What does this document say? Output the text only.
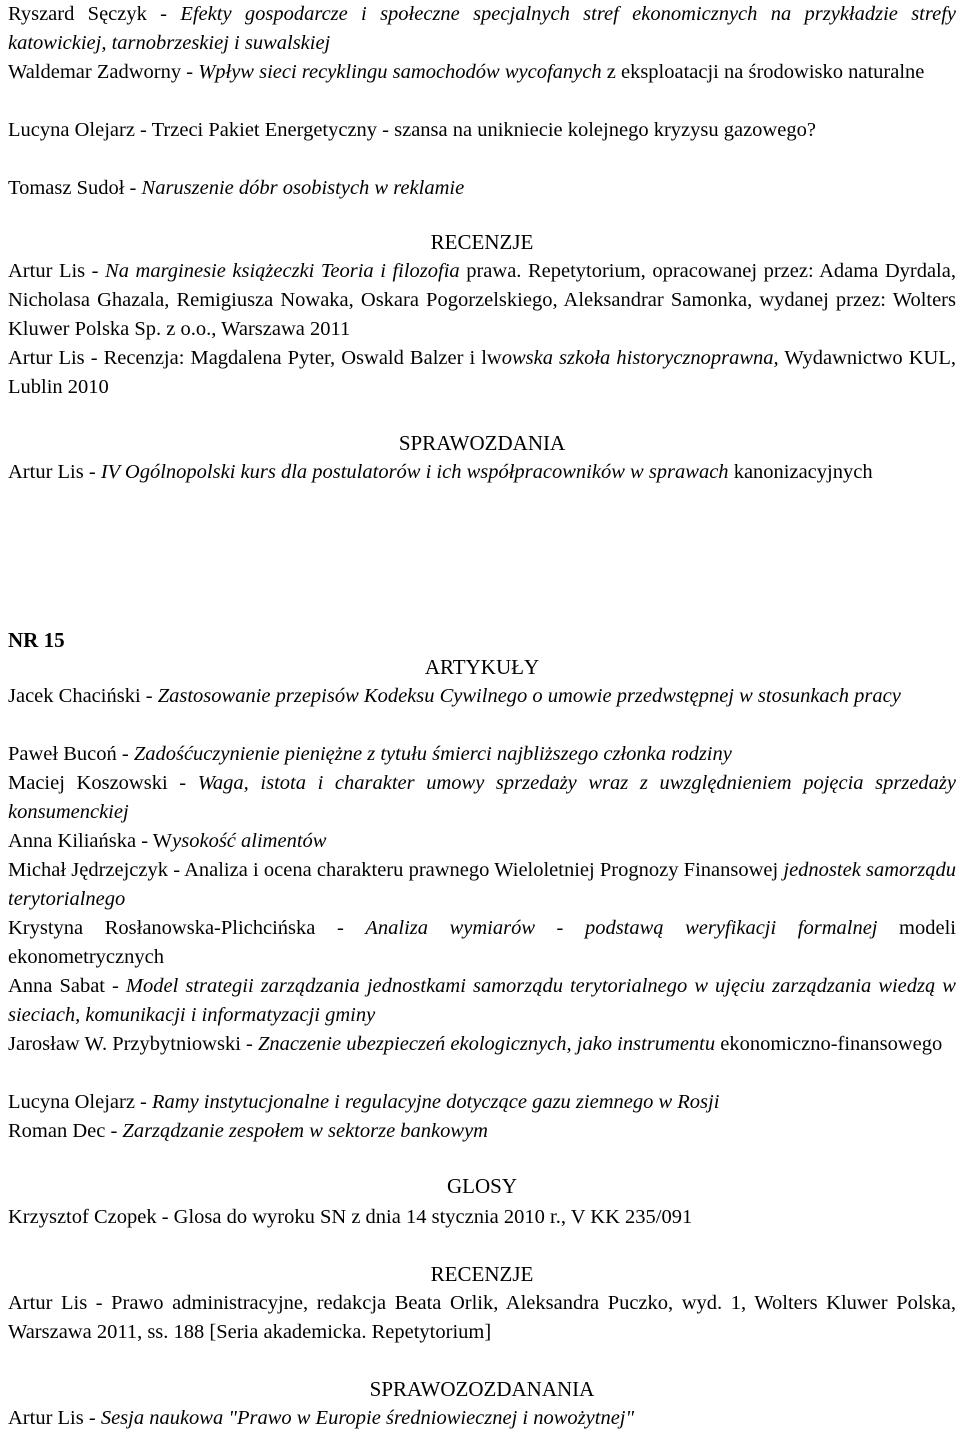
Ryszard Sęczyk - Efekty gospodarcze i społeczne specjalnych stref ekonomicznych na przykładzie strefy katowickiej, tarnobrzeskiej i suwalskiej
Waldemar Zadworny - Wpływ sieci recyklingu samochodów wycofanych z eksploatacji na środowisko naturalne
Lucyna Olejarz - Trzeci Pakiet Energetyczny - szansa na unikniecie kolejnego kryzysu gazowego?
Tomasz Sudoł - Naruszenie dóbr osobistych w reklamie
RECENZJE
Artur Lis - Na marginesie książeczki Teoria i filozofia prawa. Repetytorium, opracowanej przez: Adama Dyrdala, Nicholasa Ghazala, Remigiusza Nowaka, Oskara Pogorzelskiego, Aleksandrar Samonka, wydanej przez: Wolters Kluwer Polska Sp. z o.o., Warszawa 2011
Artur Lis - Recenzja: Magdalena Pyter, Oswald Balzer i lwowska szkoła historycznoprawna, Wydawnictwo KUL, Lublin 2010
SPRAWOZDANIA
Artur Lis - IV Ogólnopolski kurs dla postulatorów i ich współpracowników w sprawach kanonizacyjnych
NR 15
ARTYKUŁY
Jacek Chaciński - Zastosowanie przepisów Kodeksu Cywilnego o umowie przedwstępnej w stosunkach pracy
Paweł Bucoń - Zadośćuczynienie pieniężne z tytułu śmierci najbliższego członka rodziny
Maciej Koszowski - Waga, istota i charakter umowy sprzedaży wraz z uwzględnieniem pojęcia sprzedaży konsumenckiej
Anna Kiliańska - Wysokość alimentów
Michał Jędrzejczyk - Analiza i ocena charakteru prawnego Wieloletniej Prognozy Finansowej jednostek samorządu terytorialnego
Krystyna Rosłanowska-Plichcińska - Analiza wymiarów - podstawą weryfikacji formalnej modeli ekonometrycznych
Anna Sabat - Model strategii zarządzania jednostkami samorządu terytorialnego w ujęciu zarządzania wiedzą w sieciach, komunikacji i informatyzacji gminy
Jarosław W. Przybytniowski - Znaczenie ubezpieczeń ekologicznych, jako instrumentu ekonomiczno-finansowego
Lucyna Olejarz - Ramy instytucjonalne i regulacyjne dotyczące gazu ziemnego w Rosji
Roman Dec - Zarządzanie zespołem w sektorze bankowym
GLOSY
Krzysztof Czopek - Glosa do wyroku SN z dnia 14 stycznia 2010 r., V KK 235/091
RECENZJE
Artur Lis - Prawo administracyjne, redakcja Beata Orlik, Aleksandra Puczko, wyd. 1, Wolters Kluwer Polska, Warszawa 2011, ss. 188 [Seria akademicka. Repetytorium]
SPRAWOZOZDANANIA
Artur Lis - Sesja naukowa "Prawo w Europie średniowiecznej i nowożytnej"
